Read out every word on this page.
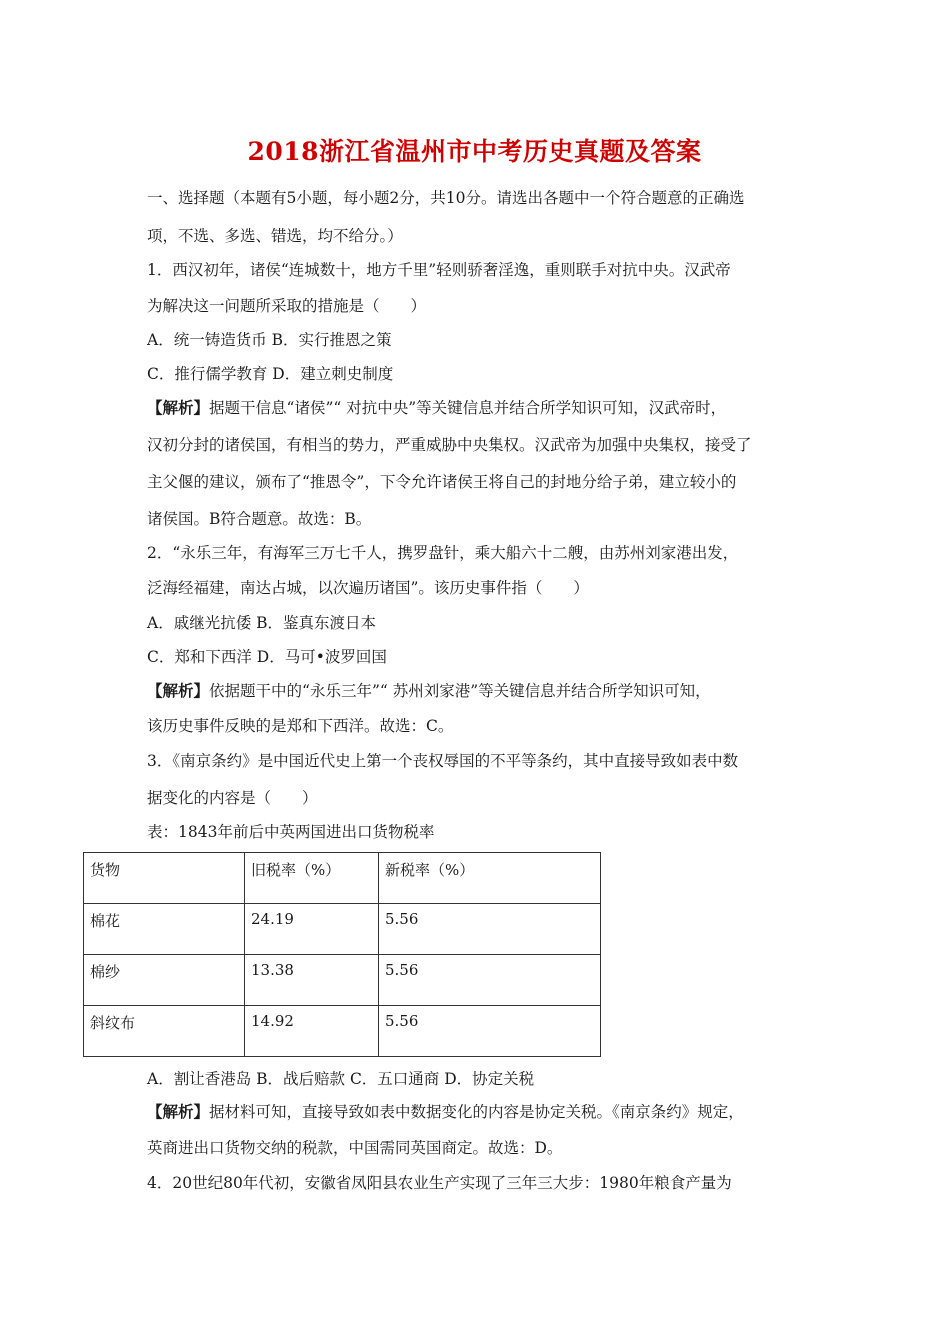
2018浙江省温州市中考历史真题及答案
一、选择题（本题有5小题，每小题2分，共10分。请选出各题中一个符合题意的正确选
项，不选、多选、错选，均不给分。）
1．西汉初年，诸侯“连城数十，地方千里”轻则骄奢淫逸，重则联手对抗中央。汉武帝
为解决这一问题所采取的措施是（　　）
A．统一铸造货币 B．实行推恩之策
C．推行儒学教育 D．建立刺史制度
【解析】据题干信息“诸侯”“ 对抗中央”等关键信息并结合所学知识可知，汉武帝时，
汉初分封的诸侯国，有相当的势力，严重威胁中央集权。汉武帝为加强中央集权，接受了
主父偃的建议，颁布了“推恩令”，下令允许诸侯王将自己的封地分给子弟，建立较小的
诸侯国。B符合题意。故选：B。
2．“永乐三年，有海军三万七千人，携罗盘针，乘大船六十二艘，由苏州刘家港出发，
泛海经福建，南达占城，以次遍历诸国”。该历史事件指（　　）
A．戚继光抗倭 B．鉴真东渡日本
C．郑和下西洋 D．马可•波罗回国
【解析】依据题干中的“永乐三年”“ 苏州刘家港”等关键信息并结合所学知识可知，
该历史事件反映的是郑和下西洋。故选：C。
3．《南京条约》是中国近代史上第一个丧权辱国的不平等条约，其中直接导致如表中数
据变化的内容是（　　）
表：1843年前后中英两国进出口货物税率
货物	旧税率（%）	新税率（%）
棉花	24.19	5.56
棉纱	13.38	5.56
斜纹布	14.92	5.56
A．割让香港岛 B．战后赔款 C．五口通商 D．协定关税
【解析】据材料可知，直接导致如表中数据变化的内容是协定关税。《南京条约》规定，
英商进出口货物交纳的税款，中国需同英国商定。故选：D。
4．20世纪80年代初，安徽省凤阳县农业生产实现了三年三大步：1980年粮食产量为
